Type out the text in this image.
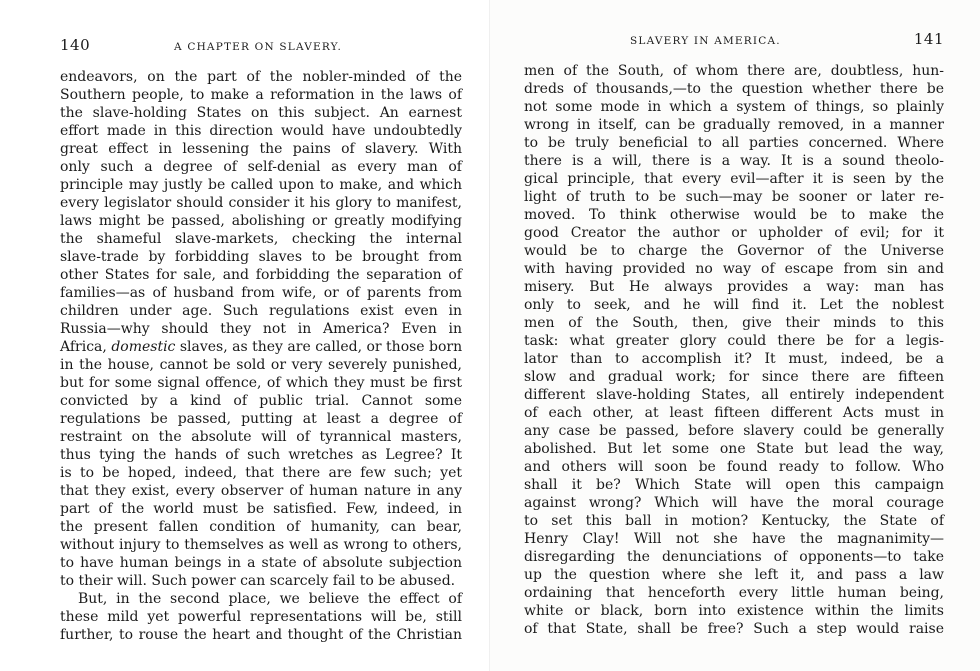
140	A CHAPTER ON SLAVERY.
endeavors, on the part of the nobler-minded of the
Southern people, to make a reformation in the laws of
the slave-holding States on this subject. An earnest
effort made in this direction would have undoubtedly
great effect in lessening the pains of slavery. With
only such a degree of self-denial as every man of
principle may justly be called upon to make, and which
every legislator should consider it his glory to manifest,
laws might be passed, abolishing or greatly modifying
the shameful slave-markets, checking the internal
slave-trade by forbidding slaves to be brought from
other States for sale, and forbidding the separation of
families—as of husband from wife, or of parents from
children under age. Such regulations exist even in
Russia—why should they not in America? Even in
Africa, domestic slaves, as they are called, or those born
in the house, cannot be sold or very severely punished,
but for some signal offence, of which they must be first
convicted by a kind of public trial. Cannot some
regulations be passed, putting at least a degree of
restraint on the absolute will of tyrannical masters,
thus tying the hands of such wretches as Legree? It
is to be hoped, indeed, that there are few such; yet
that they exist, every observer of human nature in any
part of the world must be satisfied. Few, indeed, in
the present fallen condition of humanity, can bear,
without injury to themselves as well as wrong to others,
to have human beings in a state of absolute subjection
to their will. Such power can scarcely fail to be abused.
But, in the second place, we believe the effect of
these mild yet powerful representations will be, still
further, to rouse the heart and thought of the Christian
SLAVERY IN AMERICA.	141
men of the South, of whom there are, doubtless, hun-
dreds of thousands,—to the question whether there be
not some mode in which a system of things, so plainly
wrong in itself, can be gradually removed, in a manner
to be truly beneficial to all parties concerned. Where
there is a will, there is a way. It is a sound theolo-
gical principle, that every evil—after it is seen by the
light of truth to be such—may be sooner or later re-
moved. To think otherwise would be to make the
good Creator the author or upholder of evil; for it
would be to charge the Governor of the Universe
with having provided no way of escape from sin and
misery. But He always provides a way: man has
only to seek, and he will find it. Let the noblest
men of the South, then, give their minds to this
task: what greater glory could there be for a legis-
lator than to accomplish it? It must, indeed, be a
slow and gradual work; for since there are fifteen
different slave-holding States, all entirely independent
of each other, at least fifteen different Acts must in
any case be passed, before slavery could be generally
abolished. But let some one State but lead the way,
and others will soon be found ready to follow. Who
shall it be? Which State will open this campaign
against wrong? Which will have the moral courage
to set this ball in motion? Kentucky, the State of
Henry Clay! Will not she have the magnanimity—
disregarding the denunciations of opponents—to take
up the question where she left it, and pass a law
ordaining that henceforth every little human being,
white or black, born into existence within the limits
of that State, shall be free? Such a step would raise
